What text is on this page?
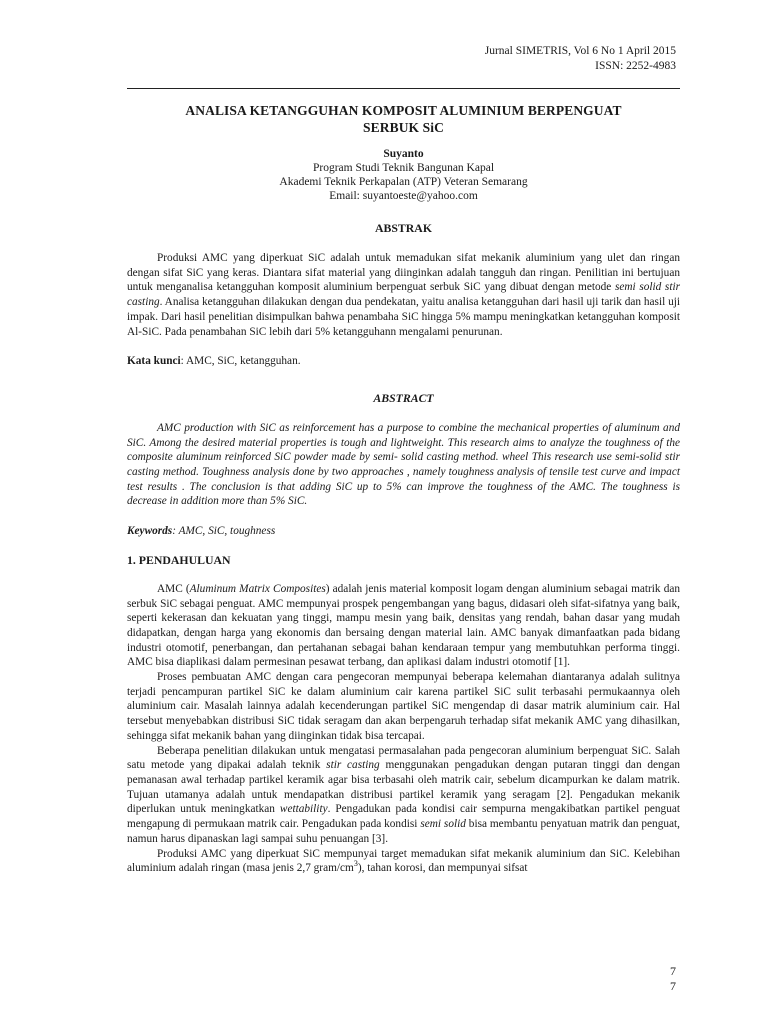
Jurnal SIMETRIS, Vol 6 No 1 April 2015
ISSN: 2252-4983
ANALISA KETANGGUHAN KOMPOSIT ALUMINIUM BERPENGUAT
SERBUK SiC
Suyanto
Program Studi Teknik Bangunan Kapal
Akademi Teknik Perkapalan (ATP) Veteran Semarang
Email: suyantoeste@yahoo.com
ABSTRAK

Produksi AMC yang diperkuat SiC adalah untuk memadukan sifat mekanik aluminium yang ulet dan ringan dengan sifat SiC yang keras. Diantara sifat material yang diinginkan adalah tangguh dan ringan. Penilitian ini bertujuan untuk menganalisa ketangguhan komposit aluminium berpenguat serbuk SiC yang dibuat dengan metode semi solid stir casting. Analisa ketangguhan dilakukan dengan dua pendekatan, yaitu analisa ketangguhan dari hasil uji tarik dan hasil uji impak. Dari hasil penelitian disimpulkan bahwa penambaha SiC hingga 5% mampu meningkatkan ketangguhan komposit Al-SiC. Pada penambahan SiC lebih dari 5% ketangguhann mengalami penurunan.

Kata kunci: AMC, SiC, ketangguhan.

ABSTRACT

AMC production with SiC as reinforcement has a purpose to combine the mechanical properties of aluminum and SiC. Among the desired material properties is tough and lightweight. This research aims to analyze the toughness of the composite aluminum reinforced SiC powder made by semi- solid casting method. wheel This research use semi-solid stir casting method. Toughness analysis done by two approaches , namely toughness analysis of tensile test curve and impact test results . The conclusion is that adding SiC up to 5% can improve the toughness of the AMC. The toughness is decrease in addition more than 5% SiC.

Keywords: AMC, SiC, toughness

1. PENDAHULUAN

AMC (Aluminum Matrix Composites) adalah jenis material komposit logam dengan aluminium sebagai matrik dan serbuk SiC sebagai penguat. AMC mempunyai prospek pengembangan yang bagus, didasari oleh sifat-sifatnya yang baik, seperti kekerasan dan kekuatan yang tinggi, mampu mesin yang baik, densitas yang rendah, bahan dasar yang mudah didapatkan, dengan harga yang ekonomis dan bersaing dengan material lain. AMC banyak dimanfaatkan pada bidang industri otomotif, penerbangan, dan pertahanan sebagai bahan kendaraan tempur yang membutuhkan performa tinggi. AMC bisa diaplikasi dalam permesinan pesawat terbang, dan aplikasi dalam industri otomotif [1].

Proses pembuatan AMC dengan cara pengecoran mempunyai beberapa kelemahan diantaranya adalah sulitnya terjadi pencampuran partikel SiC ke dalam aluminium cair karena partikel SiC sulit terbasahi permukaannya oleh aluminium cair. Masalah lainnya adalah kecenderungan partikel SiC mengendap di dasar matrik aluminium cair. Hal tersebut menyebabkan distribusi SiC tidak seragam dan akan berpengaruh terhadap sifat mekanik AMC yang dihasilkan, sehingga sifat mekanik bahan yang diinginkan tidak bisa tercapai.

Beberapa penelitian dilakukan untuk mengatasi permasalahan pada pengecoran aluminium berpenguat SiC. Salah satu metode yang dipakai adalah teknik stir casting menggunakan pengadukan dengan putaran tinggi dan dengan pemanasan awal terhadap partikel keramik agar bisa terbasahi oleh matrik cair, sebelum dicampurkan ke dalam matrik. Tujuan utamanya adalah untuk mendapatkan distribusi partikel keramik yang seragam [2]. Pengadukan mekanik diperlukan untuk meningkatkan wettability. Pengadukan pada kondisi cair sempurna mengakibatkan partikel penguat mengapung di permukaan matrik cair. Pengadukan pada kondisi semi solid bisa membantu penyatuan matrik dan penguat, namun harus dipanaskan lagi sampai suhu penuangan [3].

Produksi AMC yang diperkuat SiC mempunyai target memadukan sifat mekanik aluminium dan SiC. Kelebihan aluminium adalah ringan (masa jenis 2,7 gram/$cm^3$), tahan korosi, dan mempunyai sifsat

7
7
